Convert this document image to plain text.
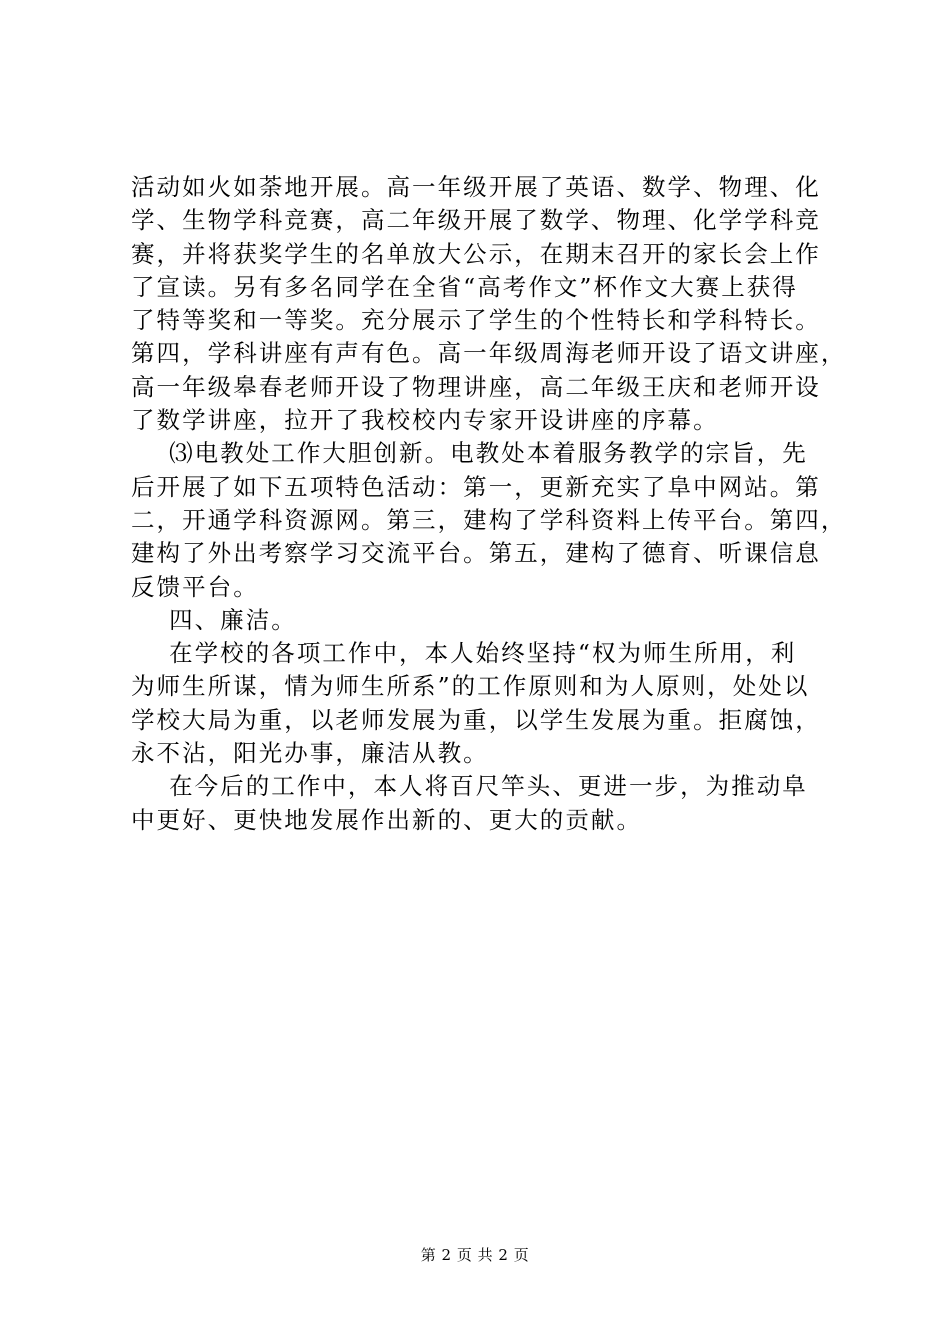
活动如火如荼地开展。高一年级开展了英语、数学、物理、化
学、生物学科竞赛，高二年级开展了数学、物理、化学学科竞
赛，并将获奖学生的名单放大公示，在期末召开的家长会上作
了宣读。另有多名同学在全省“高考作文”杯作文大赛上获得
了特等奖和一等奖。充分展示了学生的个性特长和学科特长。
第四，学科讲座有声有色。高一年级周海老师开设了语文讲座，
高一年级皋春老师开设了物理讲座，高二年级王庆和老师开设
了数学讲座，拉开了我校校内专家开设讲座的序幕。
⑶电教处工作大胆创新。电教处本着服务教学的宗旨，先
后开展了如下五项特色活动：第一，更新充实了阜中网站。第
二，开通学科资源网。第三，建构了学科资料上传平台。第四，
建构了外出考察学习交流平台。第五，建构了德育、听课信息
反馈平台。
四、廉洁。
在学校的各项工作中，本人始终坚持“权为师生所用，利
为师生所谋，情为师生所系”的工作原则和为人原则，处处以
学校大局为重，以老师发展为重，以学生发展为重。拒腐蚀，
永不沾，阳光办事，廉洁从教。
在今后的工作中，本人将百尺竿头、更进一步，为推动阜
中更好、更快地发展作出新的、更大的贡献。
第 2 页 共 2 页
